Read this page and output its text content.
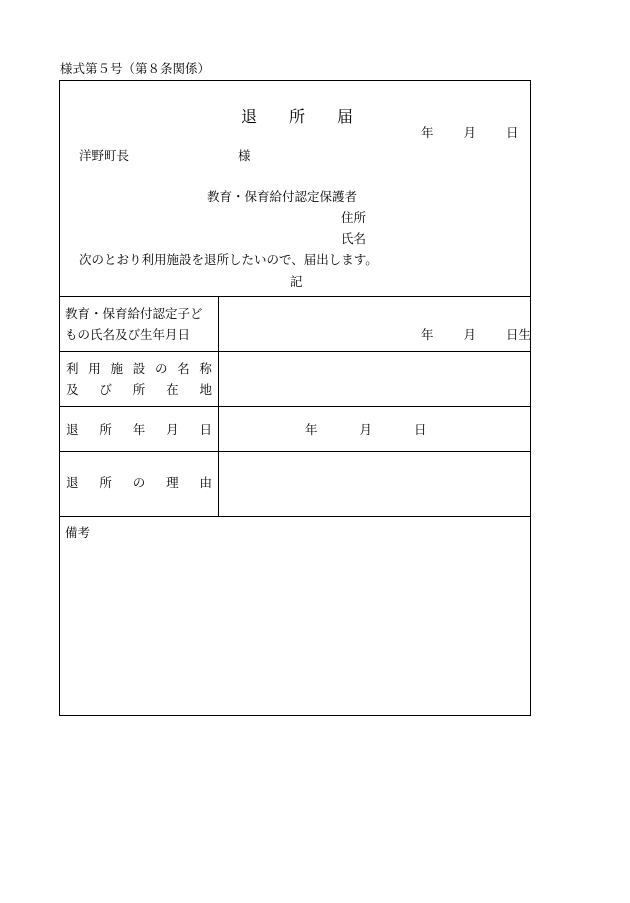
様式第５号（第８条関係）
退 所 届
年 月 日
洋野町長	様
教育・保育給付認定保護者
住所
氏名
次のとおり利用施設を退所したいので、届出します。
記
教育・保育給付認定子ど
もの氏名及び生年月日	年 月 日生
利 用 施 設 の 名 称
及 び 所 在 地
退 所 年 月 日	年	月	日
退 所 の 理 由
備考
